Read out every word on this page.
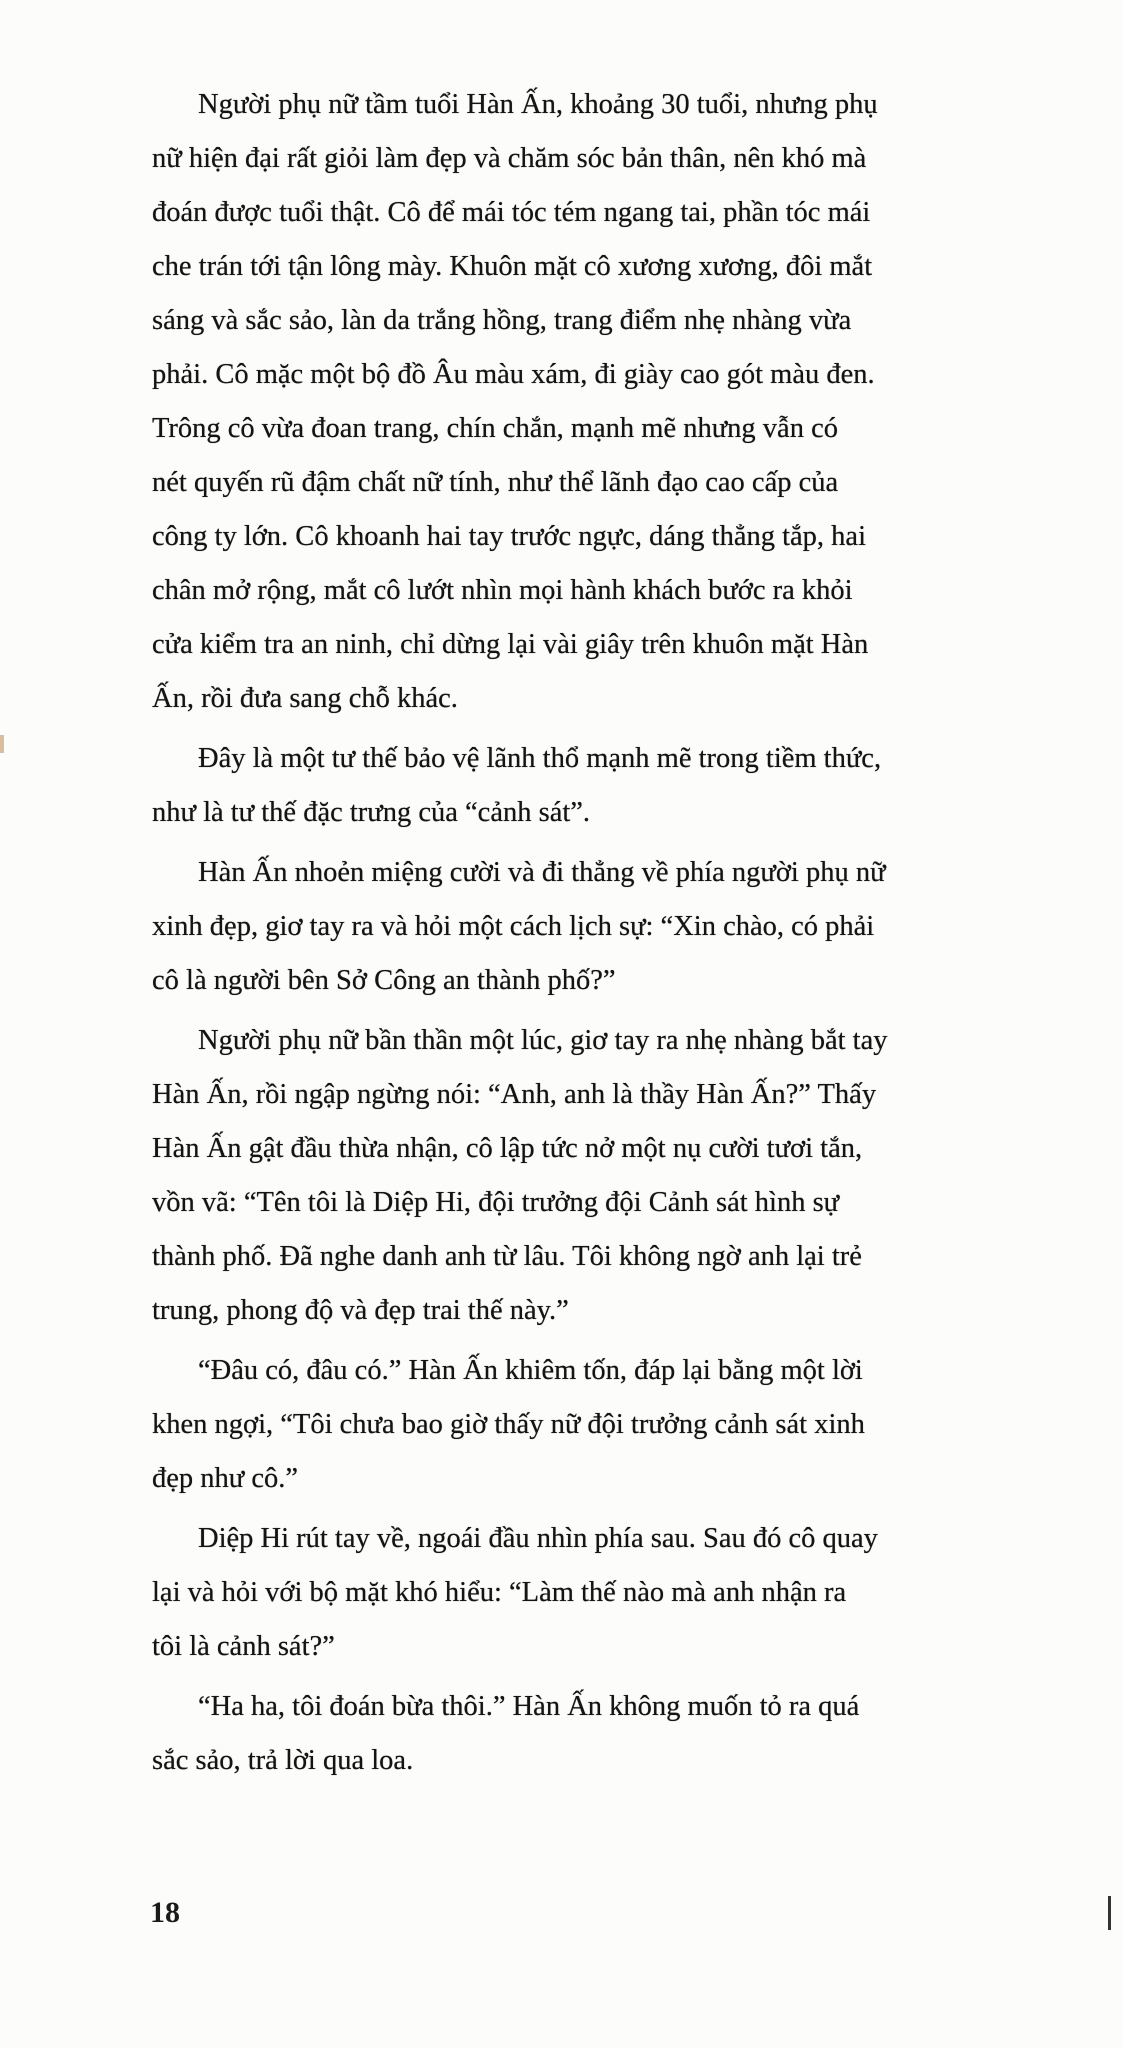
Người phụ nữ tầm tuổi Hàn Ấn, khoảng 30 tuổi, nhưng phụ
nữ hiện đại rất giỏi làm đẹp và chăm sóc bản thân, nên khó mà
đoán được tuổi thật. Cô để mái tóc tém ngang tai, phần tóc mái
che trán tới tận lông mày. Khuôn mặt cô xương xương, đôi mắt
sáng và sắc sảo, làn da trắng hồng, trang điểm nhẹ nhàng vừa
phải. Cô mặc một bộ đồ Âu màu xám, đi giày cao gót màu đen.
Trông cô vừa đoan trang, chín chắn, mạnh mẽ nhưng vẫn có
nét quyến rũ đậm chất nữ tính, như thể lãnh đạo cao cấp của
công ty lớn. Cô khoanh hai tay trước ngực, dáng thẳng tắp, hai
chân mở rộng, mắt cô lướt nhìn mọi hành khách bước ra khỏi
cửa kiểm tra an ninh, chỉ dừng lại vài giây trên khuôn mặt Hàn
Ấn, rồi đưa sang chỗ khác.
Đây là một tư thế bảo vệ lãnh thổ mạnh mẽ trong tiềm thức,
như là tư thế đặc trưng của “cảnh sát”.
Hàn Ấn nhoẻn miệng cười và đi thẳng về phía người phụ nữ
xinh đẹp, giơ tay ra và hỏi một cách lịch sự: “Xin chào, có phải
cô là người bên Sở Công an thành phố?”
Người phụ nữ bần thần một lúc, giơ tay ra nhẹ nhàng bắt tay
Hàn Ấn, rồi ngập ngừng nói: “Anh, anh là thầy Hàn Ấn?” Thấy
Hàn Ấn gật đầu thừa nhận, cô lập tức nở một nụ cười tươi tắn,
vồn vã: “Tên tôi là Diệp Hi, đội trưởng đội Cảnh sát hình sự
thành phố. Đã nghe danh anh từ lâu. Tôi không ngờ anh lại trẻ
trung, phong độ và đẹp trai thế này.”
“Đâu có, đâu có.” Hàn Ấn khiêm tốn, đáp lại bằng một lời
khen ngợi, “Tôi chưa bao giờ thấy nữ đội trưởng cảnh sát xinh
đẹp như cô.”
Diệp Hi rút tay về, ngoái đầu nhìn phía sau. Sau đó cô quay
lại và hỏi với bộ mặt khó hiểu: “Làm thế nào mà anh nhận ra
tôi là cảnh sát?”
“Ha ha, tôi đoán bừa thôi.” Hàn Ấn không muốn tỏ ra quá
sắc sảo, trả lời qua loa.
18
